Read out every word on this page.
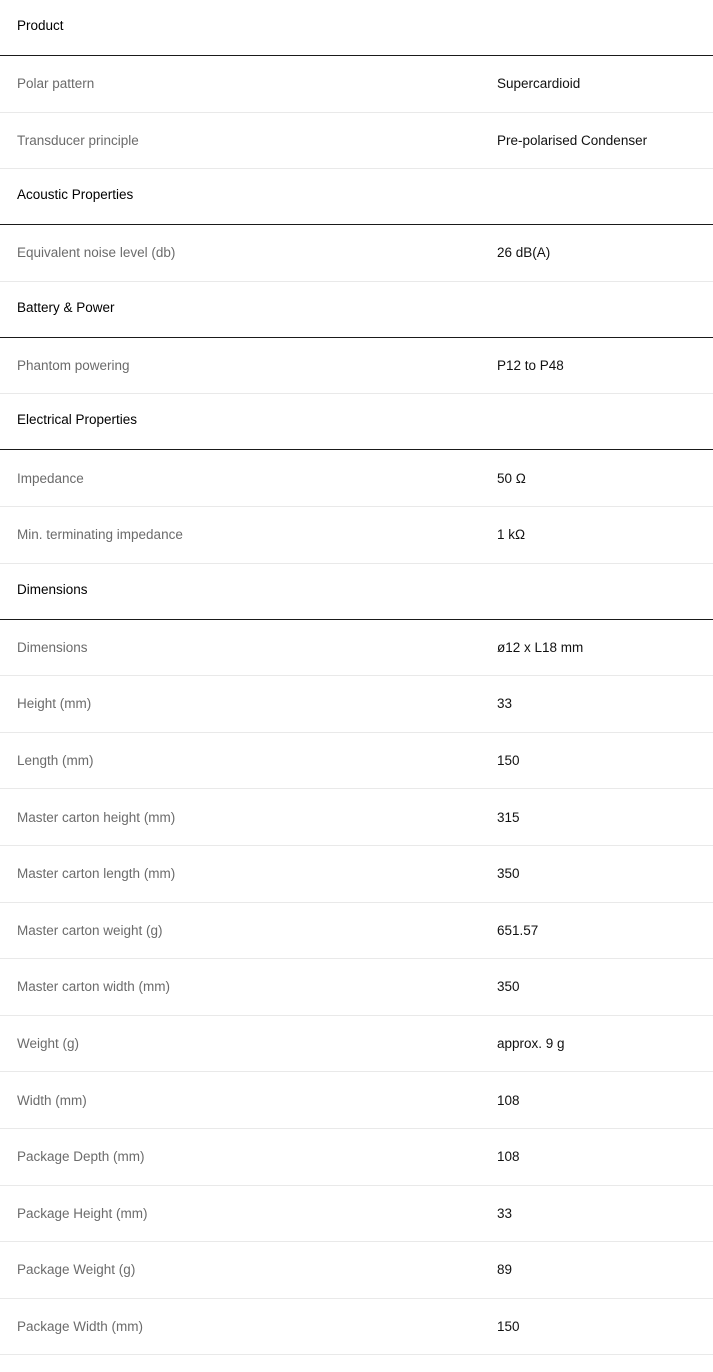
Product
Polar pattern	Supercardioid
Transducer principle	Pre-polarised Condenser
Acoustic Properties
Equivalent noise level (db)	26 dB(A)
Battery & Power
Phantom powering	P12 to P48
Electrical Properties
Impedance	50 Ω
Min. terminating impedance	1 kΩ
Dimensions
Dimensions	ø12 x L18 mm
Height (mm)	33
Length (mm)	150
Master carton height (mm)	315
Master carton length (mm)	350
Master carton weight (g)	651.57
Master carton width (mm)	350
Weight (g)	approx. 9 g
Width (mm)	108
Package Depth (mm)	108
Package Height (mm)	33
Package Weight (g)	89
Package Width (mm)	150
